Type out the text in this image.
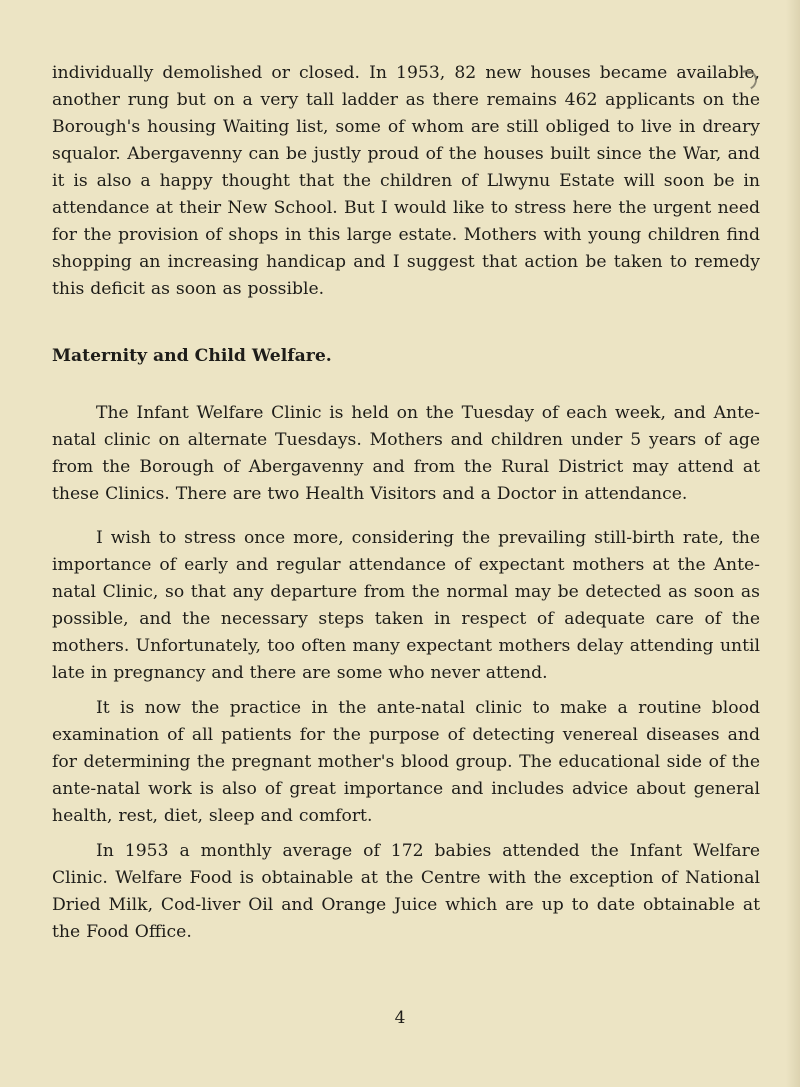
individually demolished or closed. In 1953, 82 new houses became available, another rung but on a very tall ladder as there remains 462 applicants on the Borough's housing Waiting list, some of whom are still obliged to live in dreary squalor. Abergavenny can be justly proud of the houses built since the War, and it is also a happy thought that the children of Llwynu Estate will soon be in attendance at their New School. But I would like to stress here the urgent need for the provision of shops in this large estate. Mothers with young children find shopping an increasing handicap and I suggest that action be taken to remedy this deficit as soon as possible.

Maternity and Child Welfare.

The Infant Welfare Clinic is held on the Tuesday of each week, and Ante-natal clinic on alternate Tuesdays. Mothers and children under 5 years of age from the Borough of Abergavenny and from the Rural District may attend at these Clinics. There are two Health Visitors and a Doctor in attendance.

I wish to stress once more, considering the prevailing still-birth rate, the importance of early and regular attendance of expectant mothers at the Ante-natal Clinic, so that any departure from the normal may be detected as soon as possible, and the necessary steps taken in respect of adequate care of the mothers. Unfortunately, too often many expectant mothers delay attending until late in pregnancy and there are some who never attend.

It is now the practice in the ante-natal clinic to make a routine blood examination of all patients for the purpose of detecting venereal diseases and for determining the pregnant mother's blood group. The educational side of the ante-natal work is also of great importance and includes advice about general health, rest, diet, sleep and comfort.

In 1953 a monthly average of 172 babies attended the Infant Welfare Clinic. Welfare Food is obtainable at the Centre with the exception of National Dried Milk, Cod-liver Oil and Orange Juice which are up to date obtainable at the Food Office.

4
